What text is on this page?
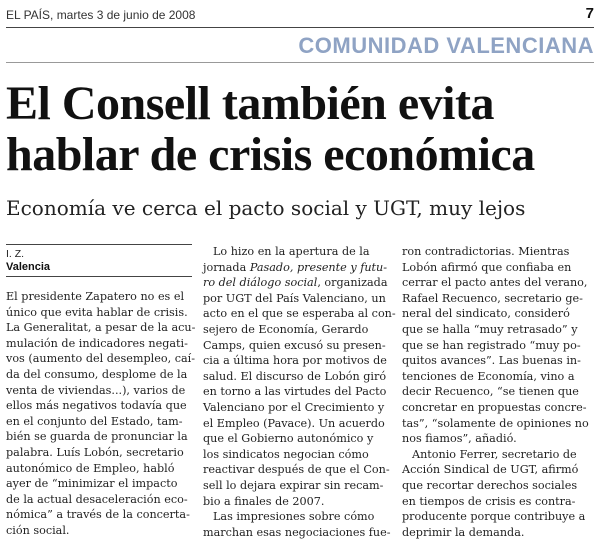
EL PAÍS, martes 3 de junio de 2008	7
COMUNIDAD VALENCIANA
El Consell también evita
hablar de crisis económica
Economía ve cerca el pacto social y UGT, muy lejos
I. Z.
Valencia
El presidente Zapatero no es el
único que evita hablar de crisis.
La Generalitat, a pesar de la acu-
mulación de indicadores negati-
vos (aumento del desempleo, caí-
da del consumo, desplome de la
venta de viviendas...), varios de
ellos más negativos todavía que
en el conjunto del Estado, tam-
bién se guarda de pronunciar la
palabra. Luís Lobón, secretario
autonómico de Empleo, habló
ayer de “minimizar el impacto
de la actual desaceleración eco-
nómica” a través de la concerta-
ción social.
Lo hizo en la apertura de la
jornada Pasado, presente y futu-
ro del diálogo social, organizada
por UGT del País Valenciano, un
acto en el que se esperaba al con-
sejero de Economía, Gerardo
Camps, quien excusó su presen-
cia a última hora por motivos de
salud. El discurso de Lobón giró
en torno a las virtudes del Pacto
Valenciano por el Crecimiento y
el Empleo (Pavace). Un acuerdo
que el Gobierno autonómico y
los sindicatos negocian cómo
reactivar después de que el Con-
sell lo dejara expirar sin recam-
bio a finales de 2007.
Las impresiones sobre cómo
marchan esas negociaciones fue-
ron contradictorias. Mientras
Lobón afirmó que confiaba en
cerrar el pacto antes del verano,
Rafael Recuenco, secretario ge-
neral del sindicato, consideró
que se halla “muy retrasado” y
que se han registrado “muy po-
quitos avances”. Las buenas in-
tenciones de Economía, vino a
decir Recuenco, “se tienen que
concretar en propuestas concre-
tas”, “solamente de opiniones no
nos fiamos”, añadió.
Antonio Ferrer, secretario de
Acción Sindical de UGT, afirmó
que recortar derechos sociales
en tiempos de crisis es contra-
producente porque contribuye a
deprimir la demanda.
